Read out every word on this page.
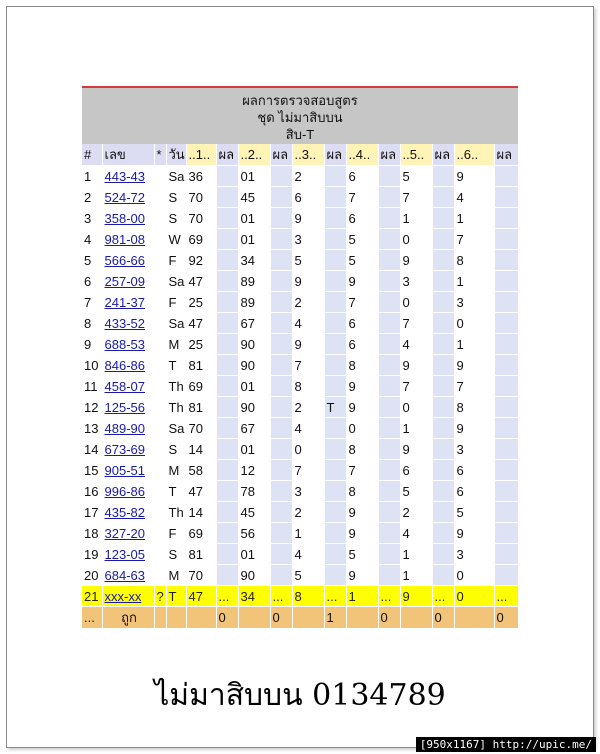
ผลการตรวจสอบสูตร
ชุด ไม่มาสิบบน
สิบ-T
#	เลข	*	วัน	..1..	ผล	..2..	ผล	..3..	ผล	..4..	ผล	..5..	ผล	..6..	ผล
1	443-43		Sa	36		01		2		6		5		9	
2	524-72		S	70		45		6		7		7		4	
3	358-00		S	70		01		9		6		1		1	
4	981-08		W	69		01		3		5		0		7	
5	566-66		F	92		34		5		5		9		8	
6	257-09		Sa	47		89		9		9		3		1	
7	241-37		F	25		89		2		7		0		3	
8	433-52		Sa	47		67		4		6		7		0	
9	688-53		M	25		90		9		6		4		1	
10	846-86		T	81		90		7		8		9		9	
11	458-07		Th	69		01		8		9		7		7	
12	125-56		Th	81		90		2	T	9		0		8	
13	489-90		Sa	70		67		4		0		1		9	
14	673-69		S	14		01		0		8		9		3	
15	905-51		M	58		12		7		7		6		6	
16	996-86		T	47		78		3		8		5		6	
17	435-82		Th	14		45		2		9		2		5	
18	327-20		F	69		56		1		9		4		9	
19	123-05		S	81		01		4		5		1		3	
20	684-63		M	70		90		5		9		1		0	
21	xxx-xx	?	T	47	...	34	...	8	...	1	...	9	...	0	...
...	ถูก				0		0		1		0		0		0
ไม่มาสิบบน 0134789
[950x1167] http://upic.me/
